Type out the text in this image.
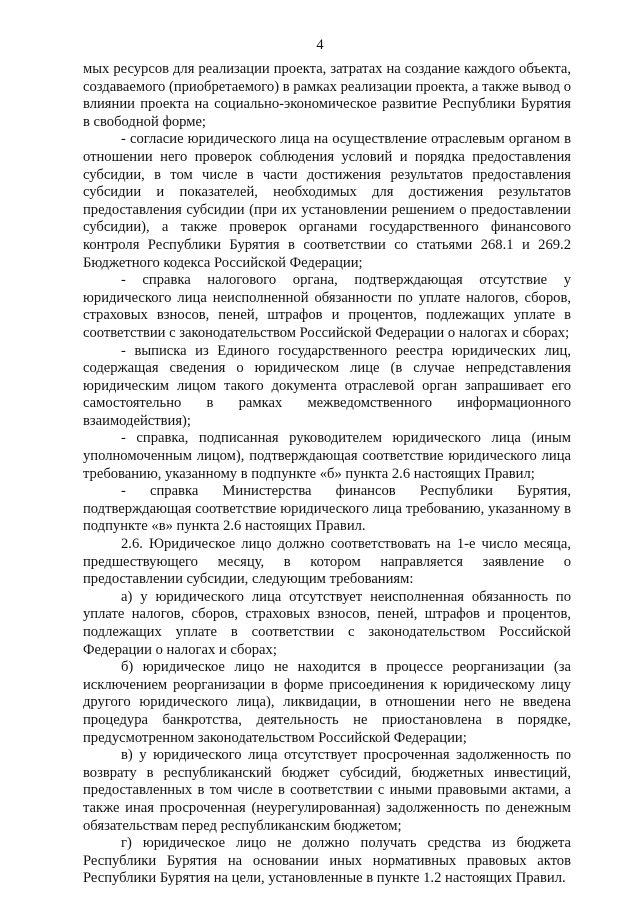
4

мых ресурсов для реализации проекта, затратах на создание каждого объекта, создаваемого (приобретаемого) в рамках реализации проекта, а также вывод о влиянии проекта на социально-экономическое развитие Республики Бурятия в свободной форме;

- согласие юридического лица на осуществление отраслевым органом в отношении него проверок соблюдения условий и порядка предоставления субсидии, в том числе в части достижения результатов предоставления субсидии и показателей, необходимых для достижения результатов предоставления субсидии (при их установлении решением о предоставлении субсидии), а также проверок органами государственного финансового контроля Республики Бурятия в соответствии со статьями 268.1 и 269.2 Бюджетного кодекса Российской Федерации;

- справка налогового органа, подтверждающая отсутствие у юридического лица неисполненной обязанности по уплате налогов, сборов, страховых взносов, пеней, штрафов и процентов, подлежащих уплате в соответствии с законодательством Российской Федерации о налогах и сборах;

- выписка из Единого государственного реестра юридических лиц, содержащая сведения о юридическом лице (в случае непредставления юридическим лицом такого документа отраслевой орган запрашивает его самостоятельно в рамках межведомственного информационного взаимодействия);

- справка, подписанная руководителем юридического лица (иным уполномоченным лицом), подтверждающая соответствие юридического лица требованию, указанному в подпункте «б» пункта 2.6 настоящих Правил;

- справка Министерства финансов Республики Бурятия, подтверждающая соответствие юридического лица требованию, указанному в подпункте «в» пункта 2.6 настоящих Правил.

2.6. Юридическое лицо должно соответствовать на 1-е число месяца, предшествующего месяцу, в котором направляется заявление о предоставлении субсидии, следующим требованиям:

а) у юридического лица отсутствует неисполненная обязанность по уплате налогов, сборов, страховых взносов, пеней, штрафов и процентов, подлежащих уплате в соответствии с законодательством Российской Федерации о налогах и сборах;

б) юридическое лицо не находится в процессе реорганизации (за исключением реорганизации в форме присоединения к юридическому лицу другого юридического лица), ликвидации, в отношении него не введена процедура банкротства, деятельность не приостановлена в порядке, предусмотренном законодательством Российской Федерации;

в) у юридического лица отсутствует просроченная задолженность по возврату в республиканский бюджет субсидий, бюджетных инвестиций, предоставленных в том числе в соответствии с иными правовыми актами, а также иная просроченная (неурегулированная) задолженность по денежным обязательствам перед республиканским бюджетом;

г) юридическое лицо не должно получать средства из бюджета Республики Бурятия на основании иных нормативных правовых актов Республики Бурятия на цели, установленные в пункте 1.2 настоящих Правил.
